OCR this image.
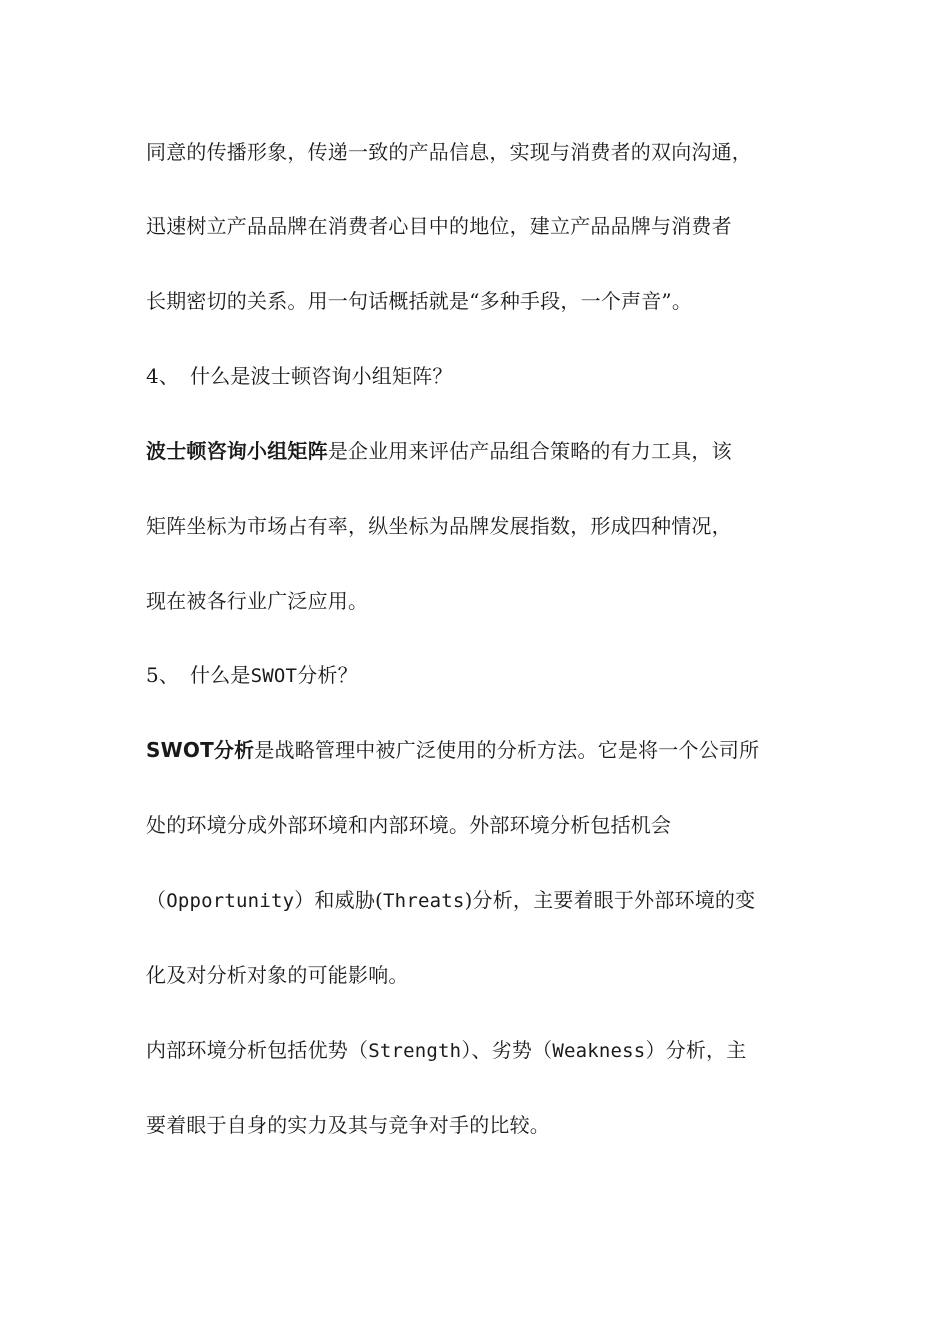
同意的传播形象，传递一致的产品信息，实现与消费者的双向沟通，
迅速树立产品品牌在消费者心目中的地位，建立产品品牌与消费者
长期密切的关系。用一句话概括就是“多种手段，一个声音”。
4、 什么是波士顿咨询小组矩阵？
波士顿咨询小组矩阵是企业用来评估产品组合策略的有力工具，该
矩阵坐标为市场占有率，纵坐标为品牌发展指数，形成四种情况，
现在被各行业广泛应用。
5、 什么是SWOT分析？
SWOT分析是战略管理中被广泛使用的分析方法。它是将一个公司所
处的环境分成外部环境和内部环境。外部环境分析包括机会
（Opportunity）和威胁(Threats)分析，主要着眼于外部环境的变
化及对分析对象的可能影响。
内部环境分析包括优势（Strength）、劣势（Weakness）分析，主
要着眼于自身的实力及其与竞争对手的比较。
